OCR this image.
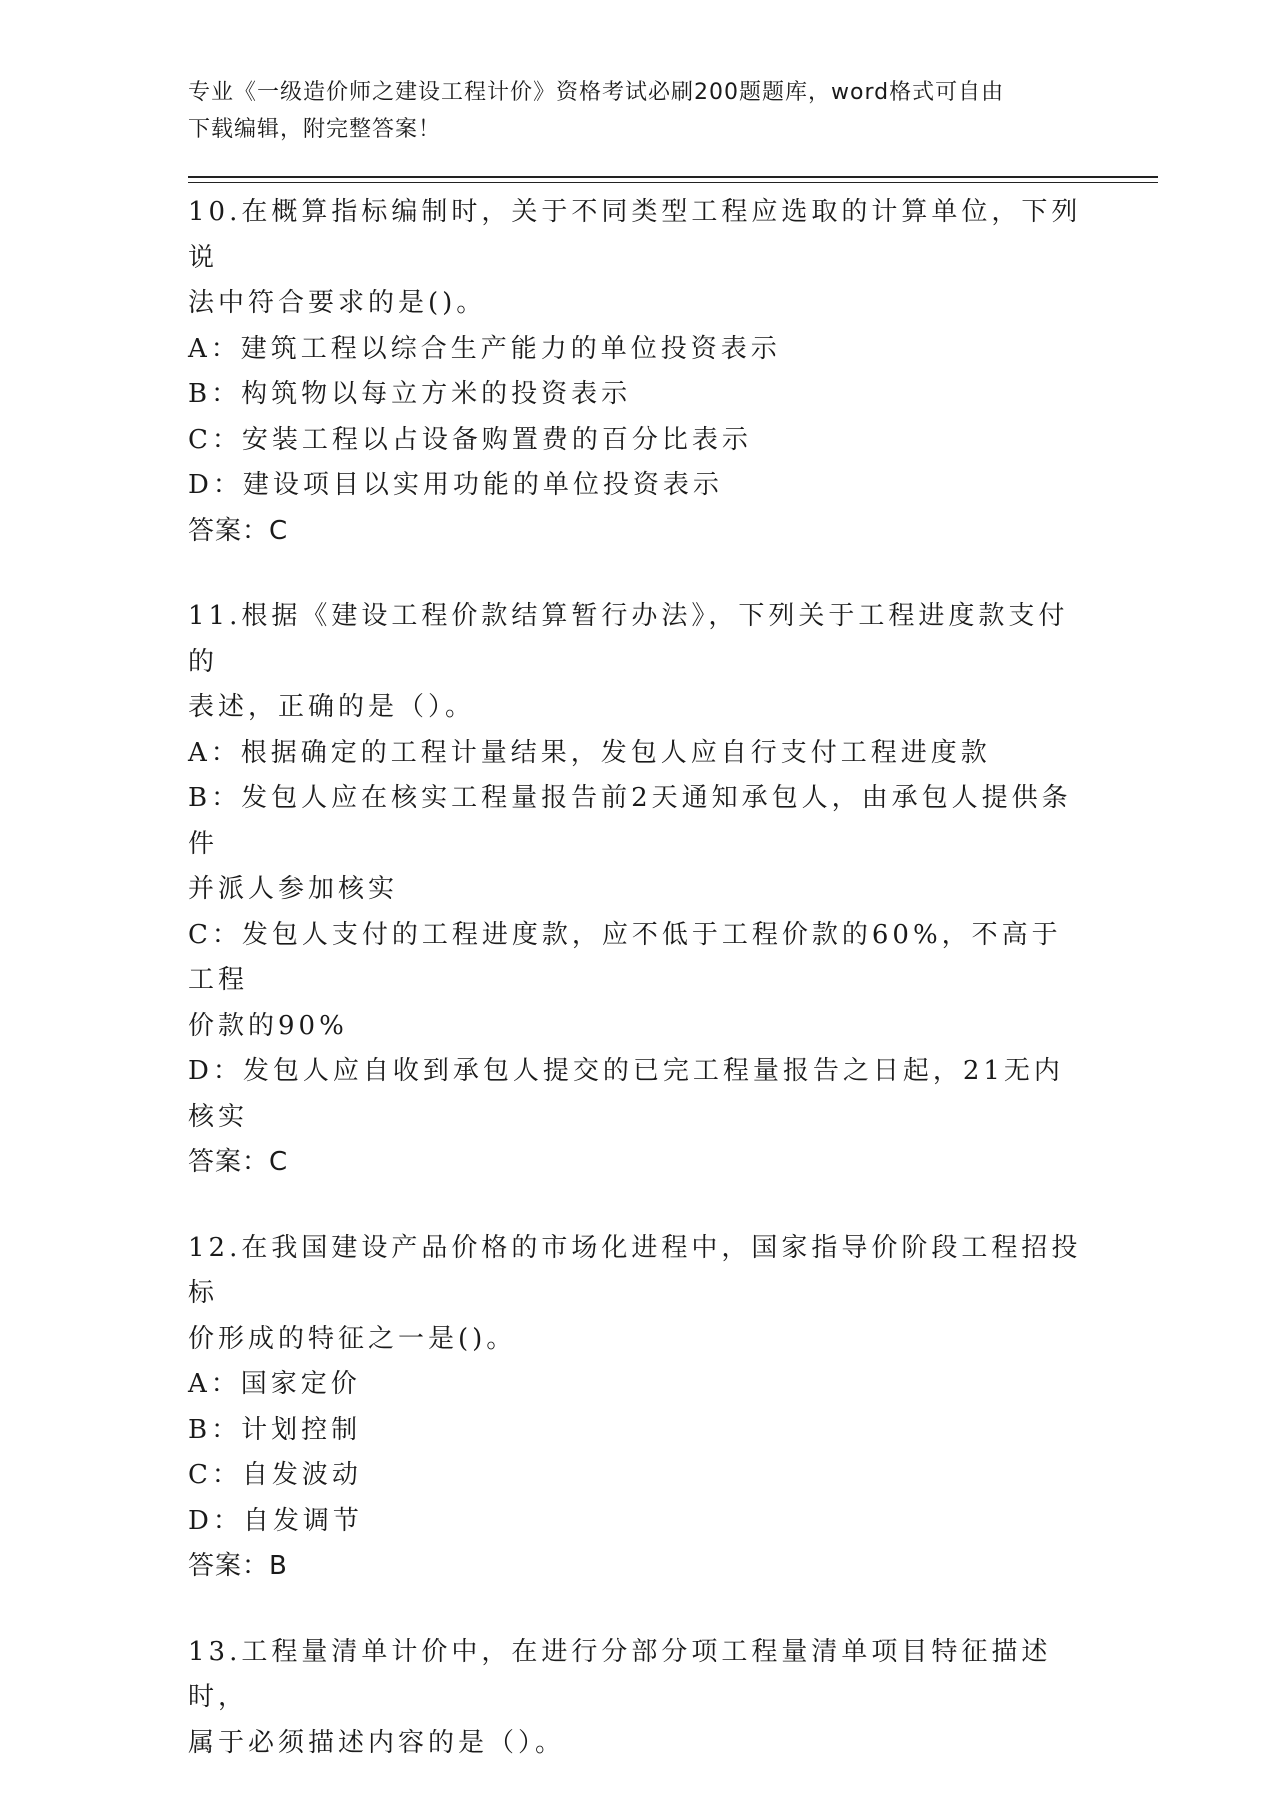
专业《一级造价师之建设工程计价》资格考试必刷200题题库，word格式可自由
下载编辑，附完整答案！
10.在概算指标编制时，关于不同类型工程应选取的计算单位，下列说
法中符合要求的是()。
A：建筑工程以综合生产能力的单位投资表示
B：构筑物以每立方米的投资表示
C：安装工程以占设备购置费的百分比表示
D：建设项目以实用功能的单位投资表示
答案：C
11.根据《建设工程价款结算暂行办法》，下列关于工程进度款支付的
表述，正确的是（）。
A：根据确定的工程计量结果，发包人应自行支付工程进度款
B：发包人应在核实工程量报告前2天通知承包人，由承包人提供条件
并派人参加核实
C：发包人支付的工程进度款，应不低于工程价款的60%，不高于工程
价款的90%
D：发包人应自收到承包人提交的已完工程量报告之日起，21无内核实
答案：C
12.在我国建设产品价格的市场化进程中，国家指导价阶段工程招投标
价形成的特征之一是()。
A：国家定价
B：计划控制
C：自发波动
D：自发调节
答案：B
13.工程量清单计价中，在进行分部分项工程量清单项目特征描述时，
属于必须描述内容的是（）。
